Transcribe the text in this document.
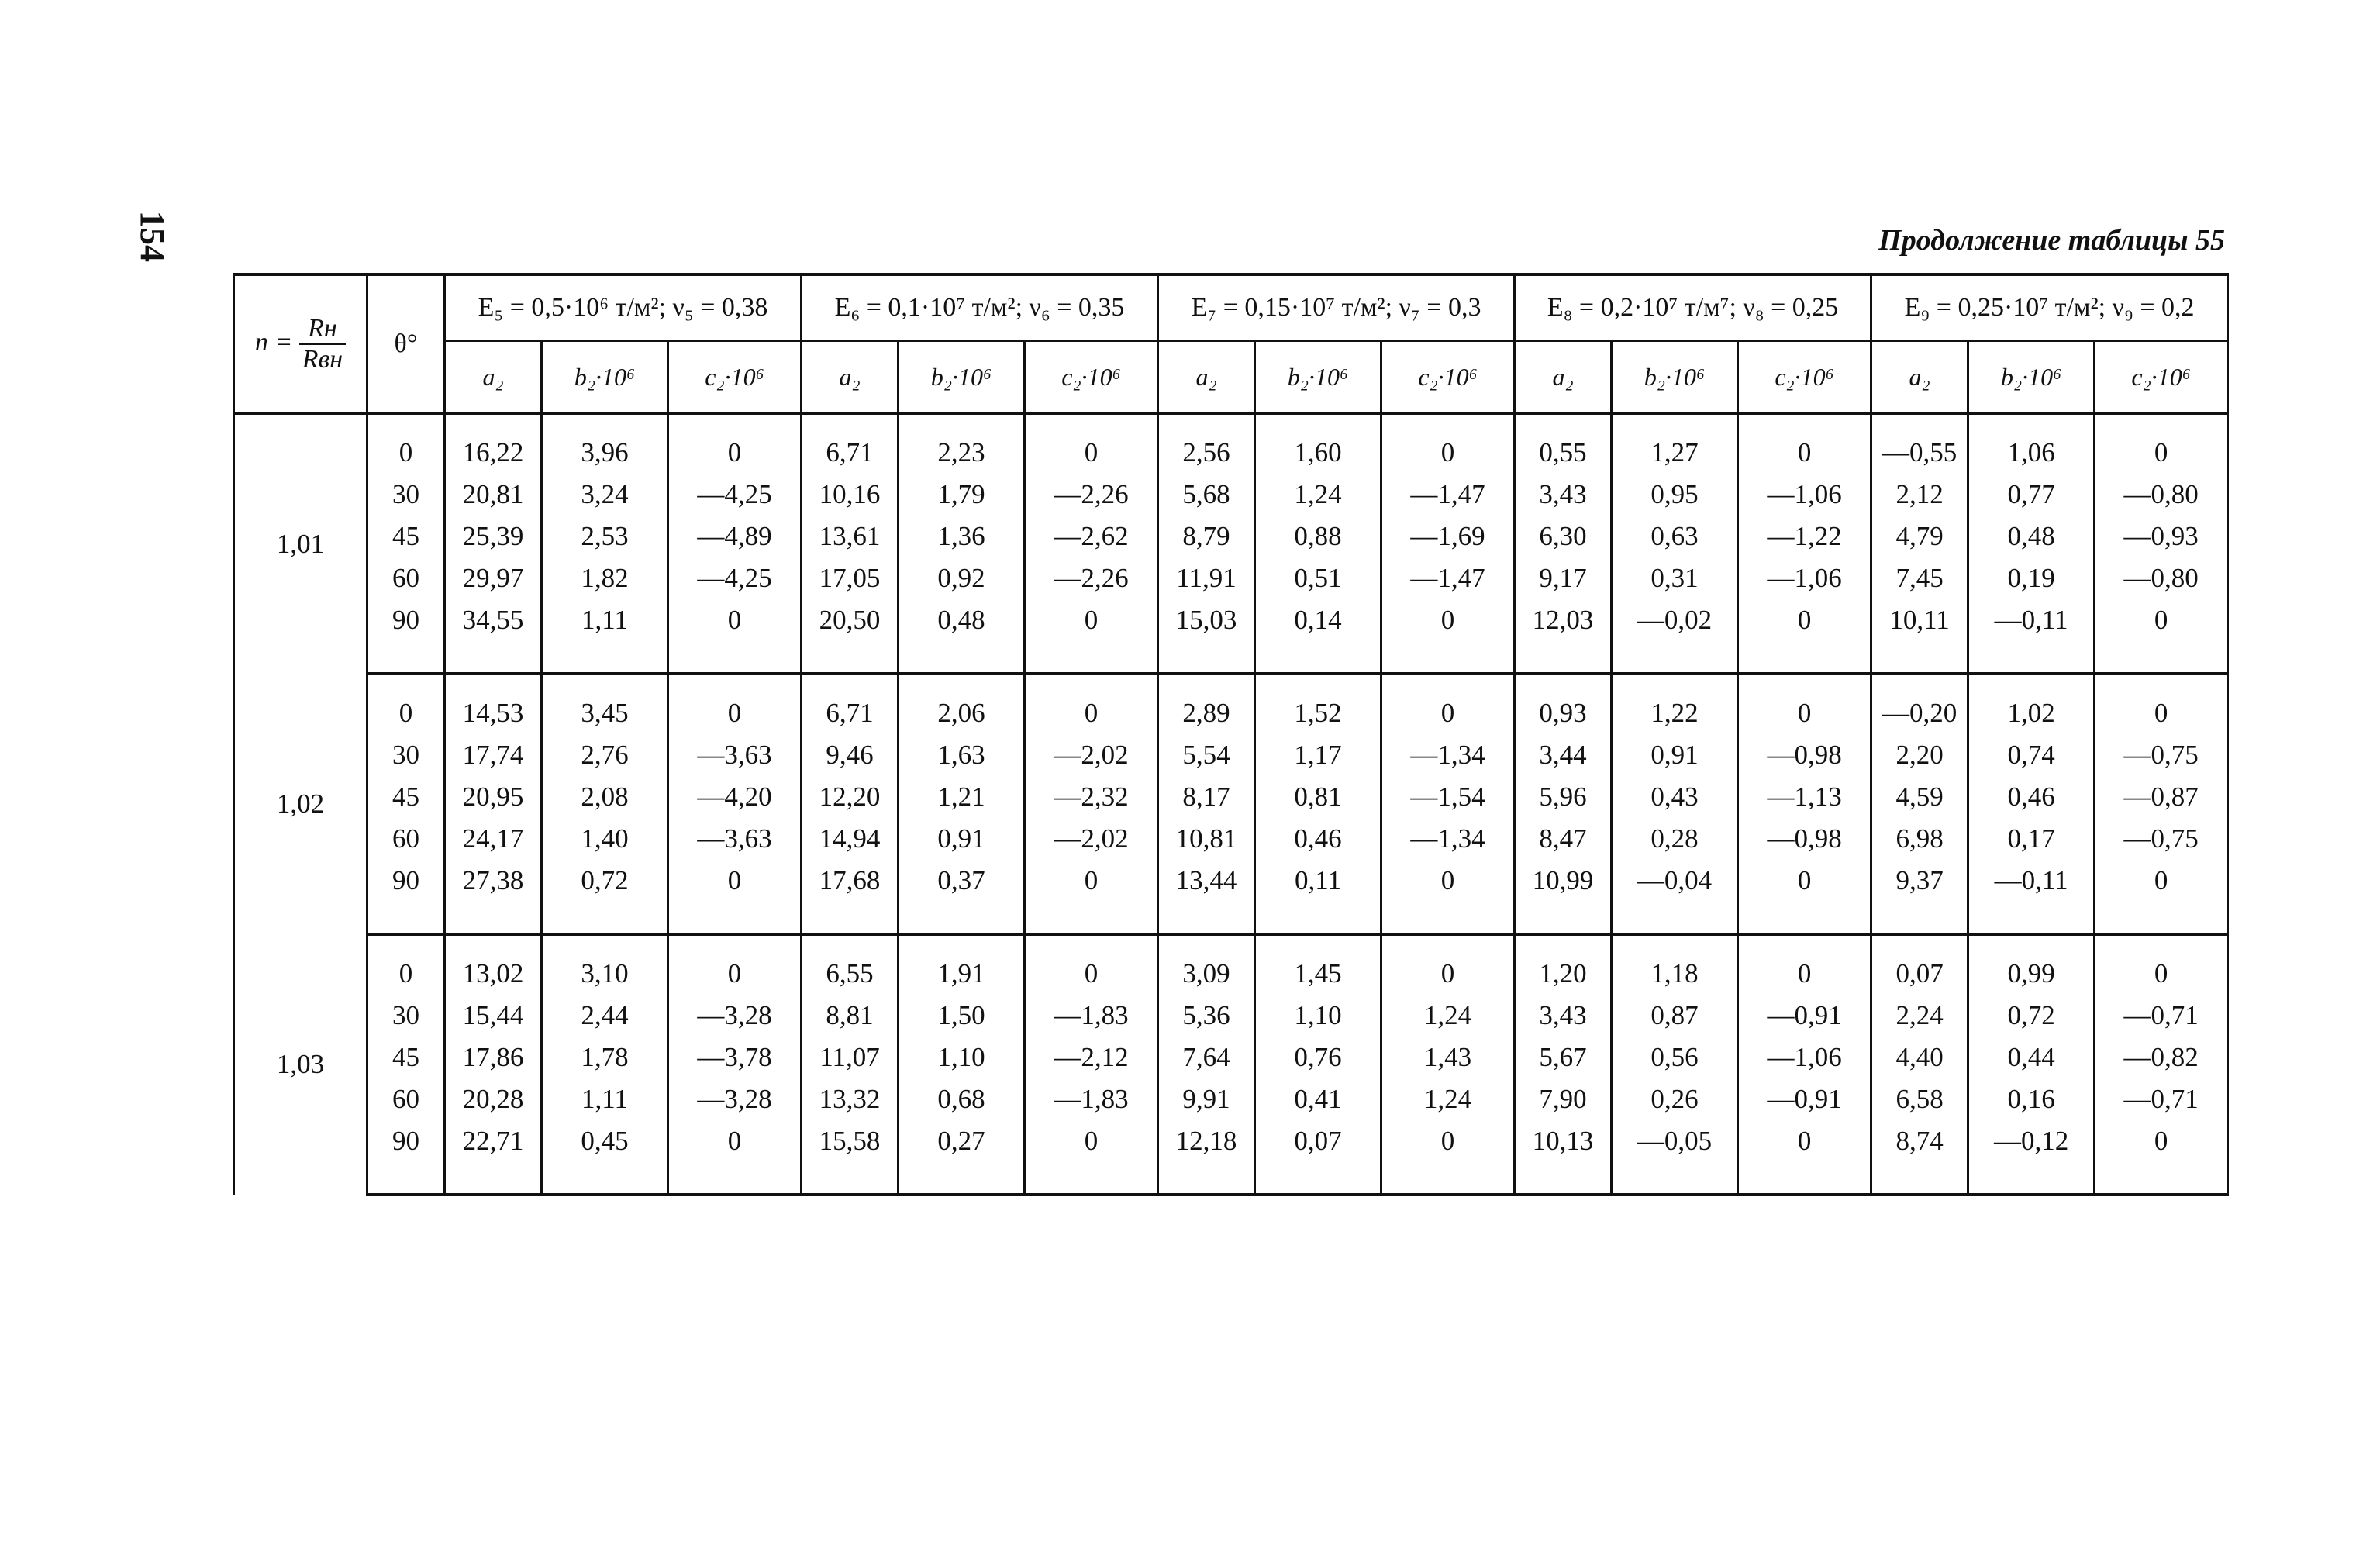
154	Продолжение таблицы 55
$n = \frac{Rн}{\text{Rвн}}$	θ°	E₅ = 0,5·10⁶ т/м²; ν₅ = 0,38			E₆ = 0,1·10⁷ т/м²; ν₆ = 0,35			E₇ = 0,15·10⁷ т/м²; ν₇ = 0,3			E₈ = 0,2·10⁷ т/м⁷; ν₈ = 0,25			E₉ = 0,25·10⁷ т/м²; ν₉ = 0,2		
		a₂	b₂·10⁶	c₂·10⁶	a₂	b₂·10⁶	c₂·10⁶	a₂	b₂·10⁶	c₂·10⁶	a₂	b₂·10⁶	c₂·10⁶	a₂	b₂·10⁶	c₂·10⁶
1,01																
	0	16,22	3,96	0	6,71	2,23	0	2,56	1,60	0	0,55	1,27	0	—0,55	1,06	0
	30	20,81	3,24	—4,25	10,16	1,79	—2,26	5,68	1,24	—1,47	3,43	0,95	—1,06	2,12	0,77	—0,80
	45	25,39	2,53	—4,89	13,61	1,36	—2,62	8,79	0,88	—1,69	6,30	0,63	—1,22	4,79	0,48	—0,93
	60	29,97	1,82	—4,25	17,05	0,92	—2,26	11,91	0,51	—1,47	9,17	0,31	—1,06	7,45	0,19	—0,80
	90	34,55	1,11	0	20,50	0,48	0	15,03	0,14	0	12,03	—0,02	0	10,11	—0,11	0

1,02																
	0	14,53	3,45	0	6,71	2,06	0	2,89	1,52	0	0,93	1,22	0	—0,20	1,02	0
	30	17,74	2,76	—3,63	9,46	1,63	—2,02	5,54	1,17	—1,34	3,44	0,91	—0,98	2,20	0,74	—0,75
	45	20,95	2,08	—4,20	12,20	1,21	—2,32	8,17	0,81	—1,54	5,96	0,43	—1,13	4,59	0,46	—0,87
	60	24,17	1,40	—3,63	14,94	0,91	—2,02	10,81	0,46	—1,34	8,47	0,28	—0,98	6,98	0,17	—0,75
	90	27,38	0,72	0	17,68	0,37	0	13,44	0,11	0	10,99	—0,04	0	9,37	—0,11	0

1,03																
	0	13,02	3,10	0	6,55	1,91	0	3,09	1,45	0	1,20	1,18	0	0,07	0,99	0
	30	15,44	2,44	—3,28	8,81	1,50	—1,83	5,36	1,10	1,24	3,43	0,87	—0,91	2,24	0,72	—0,71
	45	17,86	1,78	—3,78	11,07	1,10	—2,12	7,64	0,76	1,43	5,67	0,56	—1,06	4,40	0,44	—0,82
	60	20,28	1,11	—3,28	13,32	0,68	—1,83	9,91	0,41	1,24	7,90	0,26	—0,91	6,58	0,16	—0,71
	90	22,71	0,45	0	15,58	0,27	0	12,18	0,07	0	10,13	—0,05	0	8,74	—0,12	0
